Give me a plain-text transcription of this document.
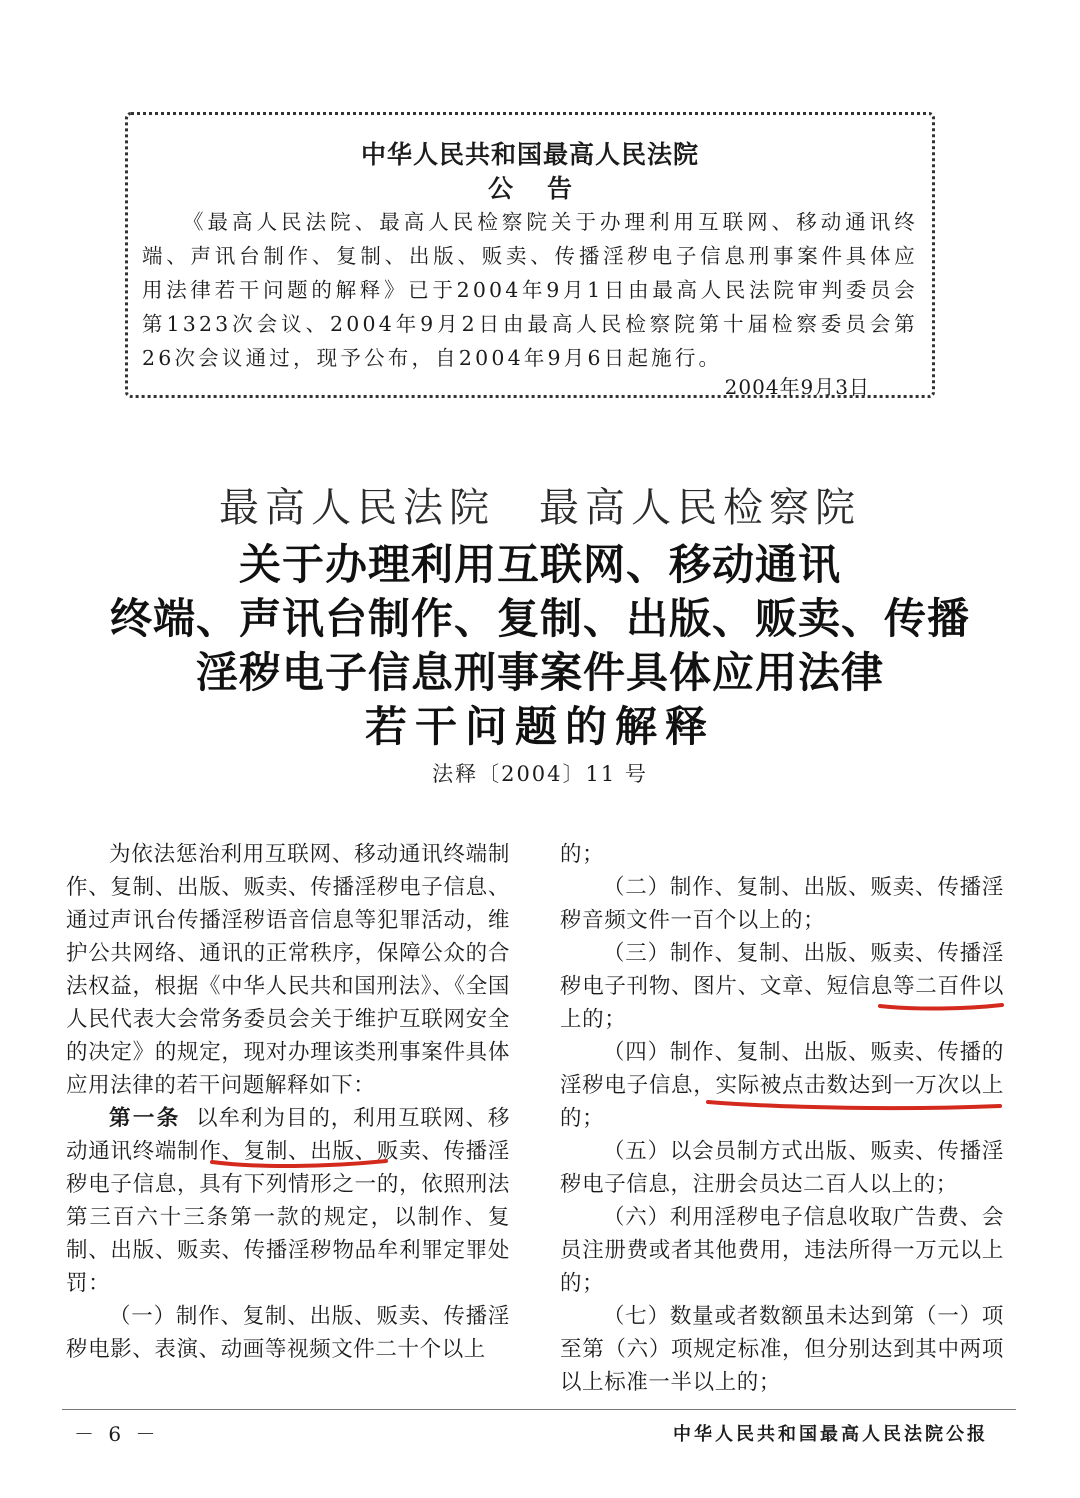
中华人民共和国最高人民法院
公告
《最高人民法院、最高人民检察院关于办理利用互联网、移动通讯终端、声讯台制作、复制、出版、贩卖、传播淫秽电子信息刑事案件具体应用法律若干问题的解释》已于2004年9月1日由最高人民法院审判委员会第1323次会议、2004年9月2日由最高人民检察院第十届检察委员会第26次会议通过，现予公布，自2004年9月6日起施行。
2004年9月3日
最高人民法院 最高人民检察院
关于办理利用互联网、移动通讯
终端、声讯台制作、复制、出版、贩卖、传播
淫秽电子信息刑事案件具体应用法律
若干问题的解释
法释〔2004〕11 号

为依法惩治利用互联网、移动通讯终端制作、复制、出版、贩卖、传播淫秽电子信息、通过声讯台传播淫秽语音信息等犯罪活动，维护公共网络、通讯的正常秩序，保障公众的合法权益，根据《中华人民共和国刑法》、《全国人民代表大会常务委员会关于维护互联网安全的决定》的规定，现对办理该类刑事案件具体应用法律的若干问题解释如下：

第一条 以牟利为目的，利用互联网、移动通讯终端制作、复制、出版、贩卖、传播淫秽电子信息，具有下列情形之一的，依照刑法第三百六十三条第一款的规定，以制作、复制、出版、贩卖、传播淫秽物品牟利罪定罪处罚：

（一）制作、复制、出版、贩卖、传播淫秽电影、表演、动画等视频文件二十个以上

的；

（二）制作、复制、出版、贩卖、传播淫秽音频文件一百个以上的；

（三）制作、复制、出版、贩卖、传播淫秽电子刊物、图片、文章、短信息等二百件以上的；

（四）制作、复制、出版、贩卖、传播的淫秽电子信息，实际被点击数达到一万次以上的；

（五）以会员制方式出版、贩卖、传播淫秽电子信息，注册会员达二百人以上的；

（六）利用淫秽电子信息收取广告费、会员注册费或者其他费用，违法所得一万元以上的；

（七）数量或者数额虽未达到第（一）项至第（六）项规定标准，但分别达到其中两项以上标准一半以上的；

－ 6 －	中华人民共和国最高人民法院公报
